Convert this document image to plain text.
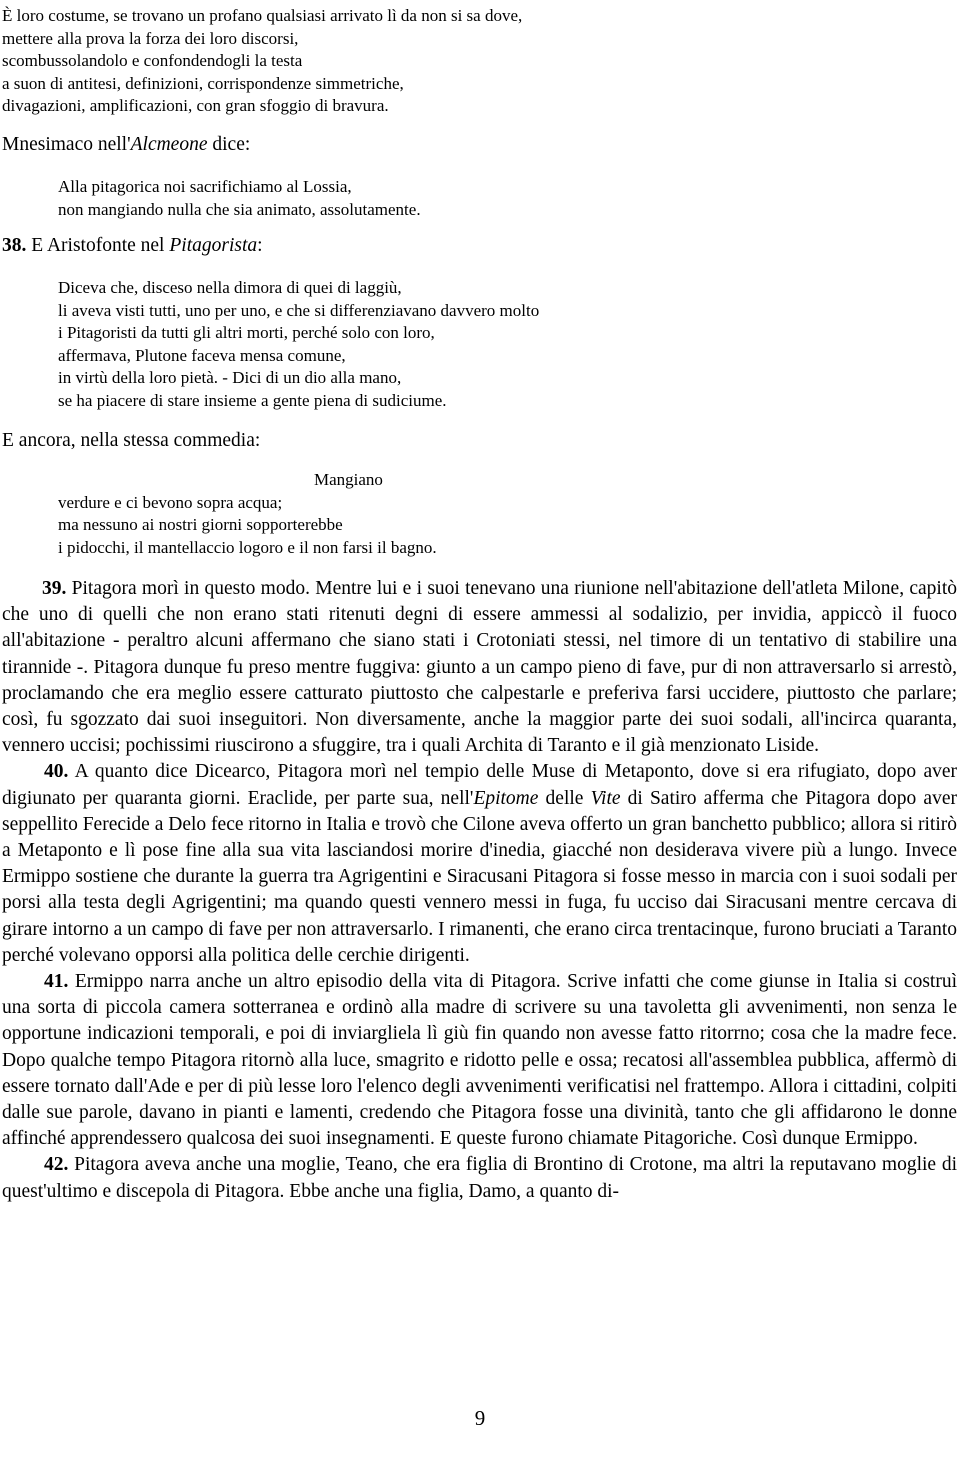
È loro costume, se trovano un profano qualsiasi arrivato lì da non si sa dove,
mettere alla prova la forza dei loro discorsi,
scombussolandolo e confondendogli la testa
a suon di antitesi, definizioni, corrispondenze simmetriche,
divagazioni, amplificazioni, con gran sfoggio di bravura.

Mnesimaco nell'Alcmeone dice:

Alla pitagorica noi sacrifichiamo al Lossia,
non mangiando nulla che sia animato, assolutamente.

38. E Aristofonte nel Pitagorista:

Diceva che, disceso nella dimora di quei di laggiù,
li aveva visti tutti, uno per uno, e che si differenziavano davvero molto
i Pitagoristi da tutti gli altri morti, perché solo con loro,
affermava, Plutone faceva mensa comune,
in virtù della loro pietà. - Dici di un dio alla mano,
se ha piacere di stare insieme a gente piena di sudiciume.

E ancora, nella stessa commedia:

Mangiano
verdure e ci bevono sopra acqua;
ma nessuno ai nostri giorni sopporterebbe
i pidocchi, il mantellaccio logoro e il non farsi il bagno.

39. Pitagora morì in questo modo. Mentre lui e i suoi tenevano una riunione nell'abitazione dell'atleta Milone, capitò che uno di quelli che non erano stati ritenuti degni di essere ammessi al sodalizio, per invidia, appiccò il fuoco all'abitazione - peraltro alcuni affermano che siano stati i Crotoniati stessi, nel timore di un tentativo di stabilire una tirannide -. Pitagora dunque fu preso mentre fuggiva: giunto a un campo pieno di fave, pur di non attraversarlo si arrestò, proclamando che era meglio essere catturato piuttosto che calpestarle e preferiva farsi uccidere, piuttosto che parlare; così, fu sgozzato dai suoi inseguitori. Non diversamente, anche la maggior parte dei suoi sodali, all'incirca quaranta, vennero uccisi; pochissimi riuscirono a sfuggire, tra i quali Archita di Taranto e il già menzionato Liside.

40. A quanto dice Dicearco, Pitagora morì nel tempio delle Muse di Metaponto, dove si era rifugiato, dopo aver digiunato per quaranta giorni. Eraclide, per parte sua, nell'Epitome delle Vite di Satiro afferma che Pitagora dopo aver seppellito Ferecide a Delo fece ritorno in Italia e trovò che Cilone aveva offerto un gran banchetto pubblico; allora si ritirò a Metaponto e lì pose fine alla sua vita lasciandosi morire d'inedia, giacché non desiderava vivere più a lungo. Invece Ermippo sostiene che durante la guerra tra Agrigentini e Siracusani Pitagora si fosse messo in marcia con i suoi sodali per porsi alla testa degli Agrigentini; ma quando questi vennero messi in fuga, fu ucciso dai Siracusani mentre cercava di girare intorno a un campo di fave per non attraversarlo. I rimanenti, che erano circa trentacinque, furono bruciati a Taranto perché volevano opporsi alla politica delle cerchie dirigenti.

41. Ermippo narra anche un altro episodio della vita di Pitagora. Scrive infatti che come giunse in Italia si costruì una sorta di piccola camera sotterranea e ordinò alla madre di scrivere su una tavoletta gli avvenimenti, non senza le opportune indicazioni temporali, e poi di inviargliela lì giù fin quando non avesse fatto ritorrno; cosa che la madre fece. Dopo qualche tempo Pitagora ritornò alla luce, smagrito e ridotto pelle e ossa; recatosi all'assemblea pubblica, affermò di essere tornato dall'Ade e per di più lesse loro l'elenco degli avvenimenti verificatisi nel frattempo. Allora i cittadini, colpiti dalle sue parole, davano in pianti e lamenti, credendo che Pitagora fosse una divinità, tanto che gli affidarono le donne affinché apprendessero qualcosa dei suoi insegnamenti. E queste furono chiamate Pitagoriche. Così dunque Ermippo.

42. Pitagora aveva anche una moglie, Teano, che era figlia di Brontino di Crotone, ma altri la reputavano moglie di quest'ultimo e discepola di Pitagora. Ebbe anche una figlia, Damo, a quanto di-

9
